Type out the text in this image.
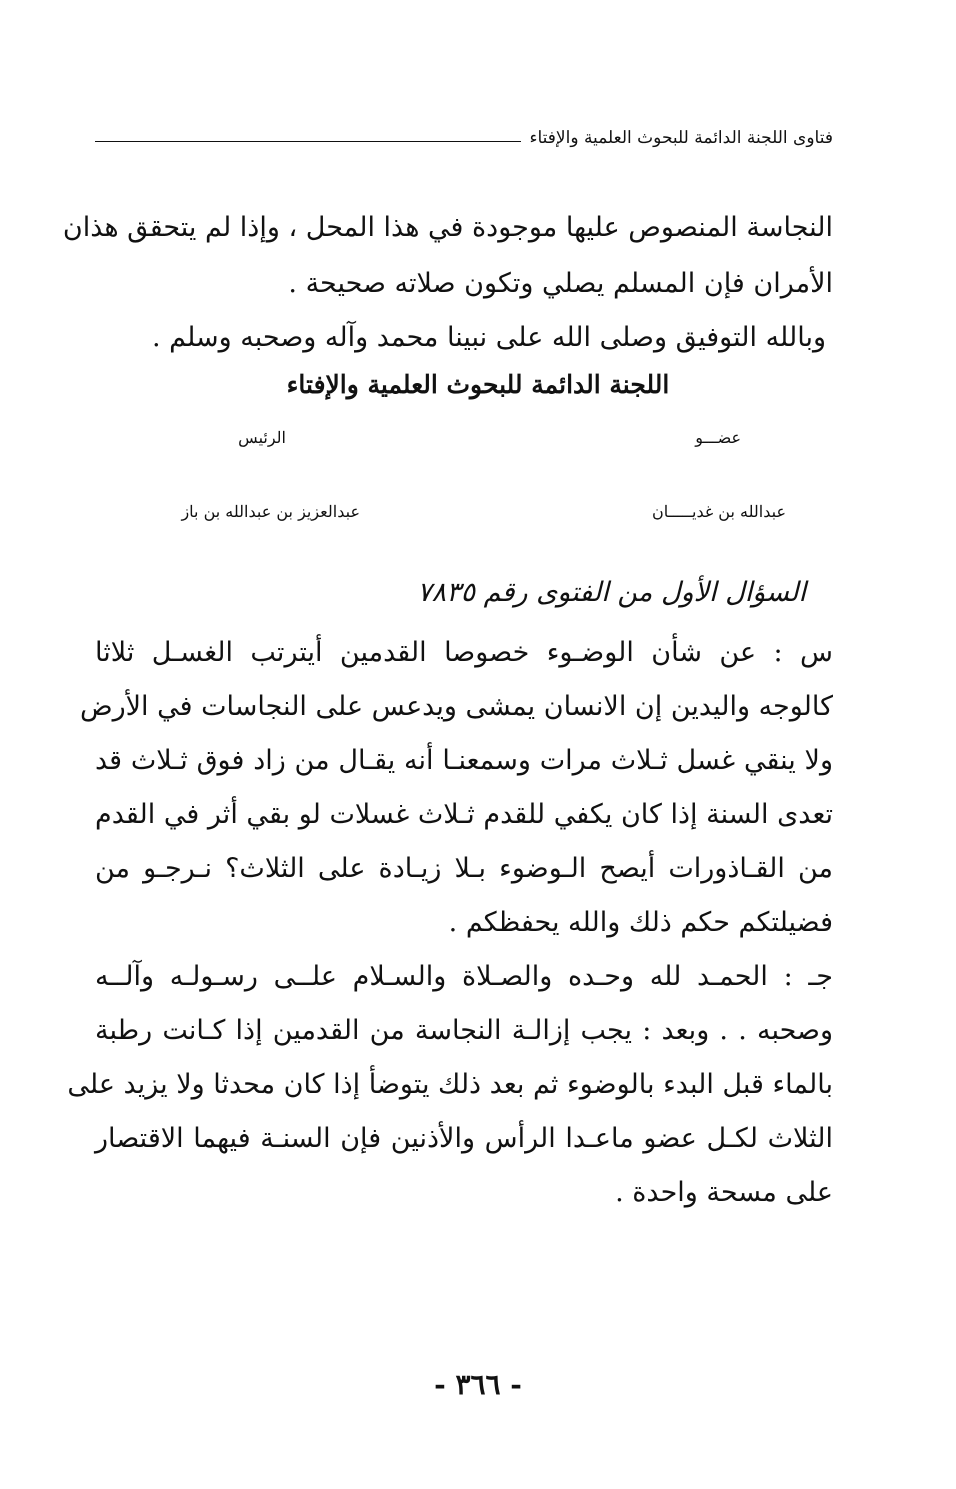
فتاوى اللجنة الدائمة للبحوث العلمية والإفتاء
النجاسة المنصوص عليها موجودة في هذا المحل ، وإذا لم يتحقق هذان
الأمران فإن المسلم يصلي وتكون صلاته صحيحة .
وبالله التوفيق وصلى الله على نبينا محمد وآله وصحبه وسلم .
اللجنة الدائمة للبحوث العلمية والإفتاء
عضـــو
الرئيس
عبدالله بن غديـــــان
عبدالعزيز بن عبدالله بن باز
السؤال الأول من الفتوى رقم ٧٨٣٥
س : عن شأن الوضـوء خصوصا القدمين أيترتب الغسـل ثلاثا
كالوجه واليدين إن الانسان يمشى ويدعس على النجاسات في الأرض
ولا ينقي غسل ثـلاث مرات وسمعنـا أنه يقـال من زاد فوق ثـلاث قد
تعدى السنة إذا كان يكفي للقدم ثـلاث غسلات لو بقي أثر في القدم
من القـاذورات أيصح الـوضوء بـلا زيـادة على الثلاث؟ نـرجـو من
فضيلتكم حكم ذلك والله يحفظكم .
جـ : الحمـد لله وحـده والصـلاة والسـلام علــى رسـولـه وآلــه
وصحبه . . وبعد : يجب إزالـة النجاسة من القدمين إذا كـانت رطبة
بالماء قبل البدء بالوضوء ثم بعد ذلك يتوضأ إذا كان محدثا ولا يزيد على
الثلاث لكـل عضو ماعـدا الرأس والأذنين فإن السنـة فيهما الاقتصار
على مسحة واحدة .
- ٣٦٦ -
